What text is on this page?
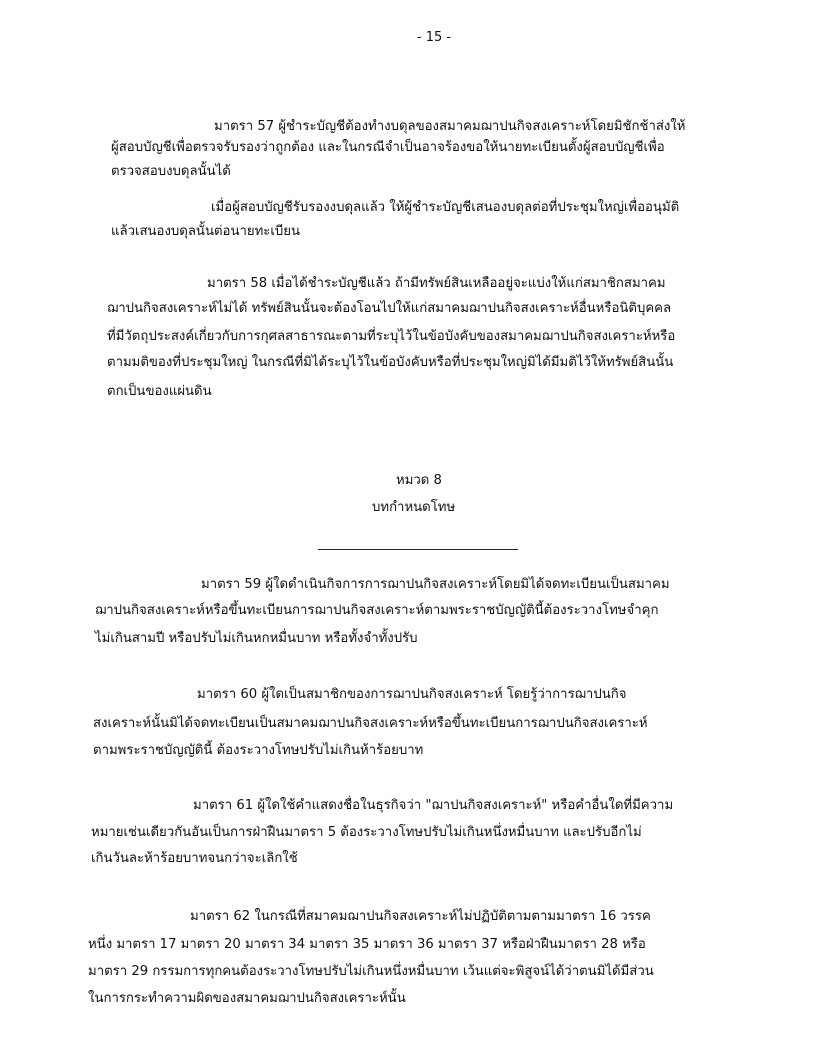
- 15 -
มาตรา 57 ผู้ชำระบัญชีต้องทำงบดุลของสมาคมฌาปนกิจสงเคราะห์โดยมิชักช้าส่งให้
ผู้สอบบัญชีเพื่อตรวจรับรองว่าถูกต้อง และในกรณีจำเป็นอาจร้องขอให้นายทะเบียนตั้งผู้สอบบัญชีเพื่อ
ตรวจสอบงบดุลนั้นได้
เมื่อผู้สอบบัญชีรับรองงบดุลแล้ว ให้ผู้ชำระบัญชีเสนองบดุลต่อที่ประชุมใหญ่เพื่ออนุมัติ
แล้วเสนองบดุลนั้นต่อนายทะเบียน
มาตรา 58 เมื่อได้ชำระบัญชีแล้ว ถ้ามีทรัพย์สินเหลืออยู่จะแบ่งให้แก่สมาชิกสมาคม
ฌาปนกิจสงเคราะห์ไม่ได้ ทรัพย์สินนั้นจะต้องโอนไปให้แก่สมาคมฌาปนกิจสงเคราะห์อื่นหรือนิติบุคคล
ที่มีวัตถุประสงค์เกี่ยวกับการกุศลสาธารณะตามที่ระบุไว้ในข้อบังคับของสมาคมฌาปนกิจสงเคราะห์หรือ
ตามมติของที่ประชุมใหญ่ ในกรณีที่มิได้ระบุไว้ในข้อบังคับหรือที่ประชุมใหญ่มิได้มีมติไว้ให้ทรัพย์สินนั้น
ตกเป็นของแผ่นดิน
หมวด 8
บทกำหนดโทษ
มาตรา 59 ผู้ใดดำเนินกิจการการฌาปนกิจสงเคราะห์โดยมิได้จดทะเบียนเป็นสมาคม
ฌาปนกิจสงเคราะห์หรือขึ้นทะเบียนการฌาปนกิจสงเคราะห์ตามพระราชบัญญัตินี้ต้องระวางโทษจำคุก
ไม่เกินสามปี หรือปรับไม่เกินหกหมื่นบาท หรือทั้งจำทั้งปรับ
มาตรา 60 ผู้ใดเป็นสมาชิกของการฌาปนกิจสงเคราะห์ โดยรู้ว่าการฌาปนกิจ
สงเคราะห์นั้นมิได้จดทะเบียนเป็นสมาคมฌาปนกิจสงเคราะห์หรือขึ้นทะเบียนการฌาปนกิจสงเคราะห์
ตามพระราชบัญญัตินี้ ต้องระวางโทษปรับไม่เกินห้าร้อยบาท
มาตรา 61 ผู้ใดใช้คำแสดงชื่อในธุรกิจว่า "ฌาปนกิจสงเคราะห์" หรือคำอื่นใดที่มีความ
หมายเช่นเดียวกันอันเป็นการฝ่าฝืนมาตรา 5 ต้องระวางโทษปรับไม่เกินหนึ่งหมื่นบาท และปรับอีกไม่
เกินวันละห้าร้อยบาทจนกว่าจะเลิกใช้
มาตรา 62 ในกรณีที่สมาคมฌาปนกิจสงเคราะห์ไม่ปฏิบัติตามตามมาตรา 16 วรรค
หนึ่ง มาตรา 17 มาตรา 20 มาตรา 34 มาตรา 35 มาตรา 36 มาตรา 37 หรือฝ่าฝืนมาตรา 28 หรือ
มาตรา 29 กรรมการทุกคนต้องระวางโทษปรับไม่เกินหนึ่งหมื่นบาท เว้นแต่จะพิสูจน์ได้ว่าตนมิได้มีส่วน
ในการกระทำความผิดของสมาคมฌาปนกิจสงเคราะห์นั้น
